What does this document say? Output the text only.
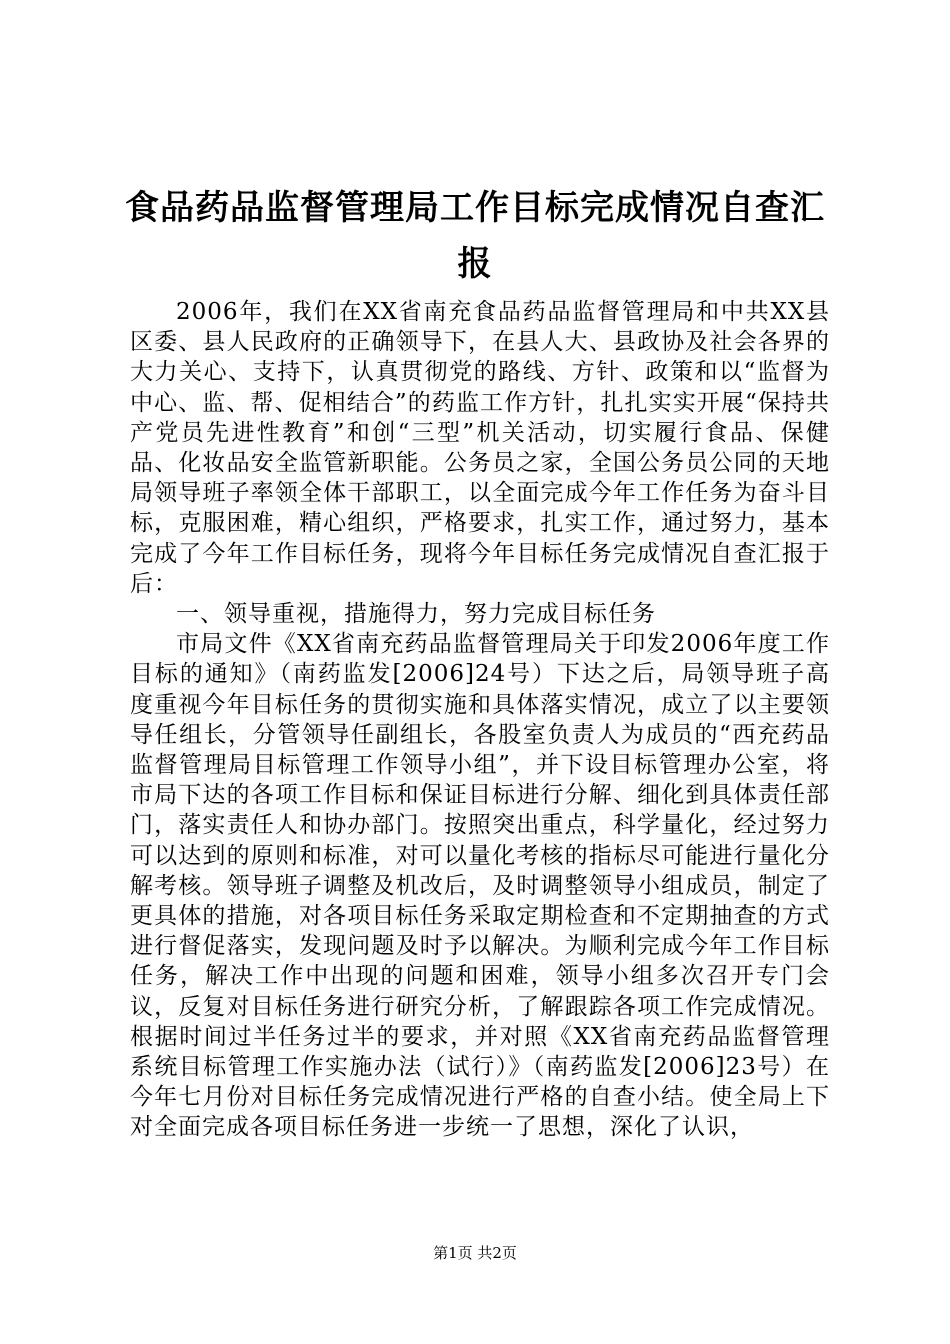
食品药品监督管理局工作目标完成情况自查汇报

2006年，我们在XX省南充食品药品监督管理局和中共XX县区委、县人民政府的正确领导下，在县人大、县政协及社会各界的大力关心、支持下，认真贯彻党的路线、方针、政策和以“监督为中心、监、帮、促相结合”的药监工作方针，扎扎实实开展“保持共产党员先进性教育”和创“三型”机关活动，切实履行食品、保健品、化妆品安全监管新职能。公务员之家，全国公务员公同的天地局领导班子率领全体干部职工，以全面完成今年工作任务为奋斗目标，克服困难，精心组织，严格要求，扎实工作，通过努力，基本完成了今年工作目标任务，现将今年目标任务完成情况自查汇报于后：

一、领导重视，措施得力，努力完成目标任务

市局文件《XX省南充药品监督管理局关于印发2006年度工作目标的通知》（南药监发[2006]24号）下达之后，局领导班子高度重视今年目标任务的贯彻实施和具体落实情况，成立了以主要领导任组长，分管领导任副组长，各股室负责人为成员的“西充药品监督管理局目标管理工作领导小组”，并下设目标管理办公室，将市局下达的各项工作目标和保证目标进行分解、细化到具体责任部门，落实责任人和协办部门。按照突出重点，科学量化，经过努力可以达到的原则和标准，对可以量化考核的指标尽可能进行量化分解考核。领导班子调整及机改后，及时调整领导小组成员，制定了更具体的措施，对各项目标任务采取定期检查和不定期抽查的方式进行督促落实，发现问题及时予以解决。为顺利完成今年工作目标任务，解决工作中出现的问题和困难，领导小组多次召开专门会议，反复对目标任务进行研究分析，了解跟踪各项工作完成情况。根据时间过半任务过半的要求，并对照《XX省南充药品监督管理系统目标管理工作实施办法（试行）》（南药监发[2006]23号）在今年七月份对目标任务完成情况进行严格的自查小结。使全局上下对全面完成各项目标任务进一步统一了思想，深化了认识，

第1页 共2页
